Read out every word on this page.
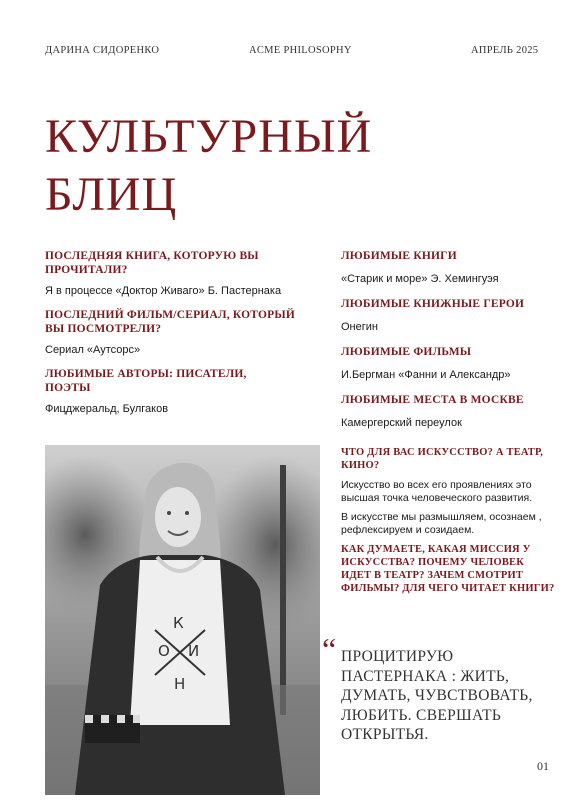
ДАРИНА СИДОРЕНКО	ACME PHILOSOPHY	АПРЕЛЬ 2025
КУЛЬТУРНЫЙ
БЛИЦ
ПОСЛЕДНЯЯ КНИГА, КОТОРУЮ ВЫ ПРОЧИТАЛИ?
Я в процессе «Доктор Живаго» Б. Пастернака
ПОСЛЕДНИЙ ФИЛЬМ/СЕРИАЛ, КОТОРЫЙ ВЫ ПОСМОТРЕЛИ?
Сериал «Аутсорс»
ЛЮБИМЫЕ АВТОРЫ: ПИСАТЕЛИ, ПОЭТЫ
Фицджеральд, Булгаков
ЛЮБИМЫЕ КНИГИ
«Старик и море» Э. Хемингуэя
ЛЮБИМЫЕ КНИЖНЫЕ ГЕРОИ
Онегин
ЛЮБИМЫЕ ФИЛЬМЫ
И.Бергман «Фанни и Александр»
ЛЮБИМЫЕ МЕСТА В МОСКВЕ
Камергерский переулок
К
И
Н
О
ЧТО ДЛЯ ВАС ИСКУССТВО? А ТЕАТР, КИНО?
Искусство во всех его проявлениях это высшая точка человеческого развития.
В искусстве мы размышляем, осознаем , рефлексируем и созидаем.
КАК ДУМАЕТЕ, КАКАЯ МИССИЯ У ИСКУССТВА? ПОЧЕМУ ЧЕЛОВЕК ИДЕТ В ТЕАТР? ЗАЧЕМ СМОТРИТ ФИЛЬМЫ? ДЛЯ ЧЕГО ЧИТАЕТ КНИГИ?
“ ПРОЦИТИРУЮ ПАСТЕРНАКА : ЖИТЬ, ДУМАТЬ, ЧУВСТВОВАТЬ, ЛЮБИТЬ. СВЕРШАТЬ ОТКРЫТЬЯ.
01
